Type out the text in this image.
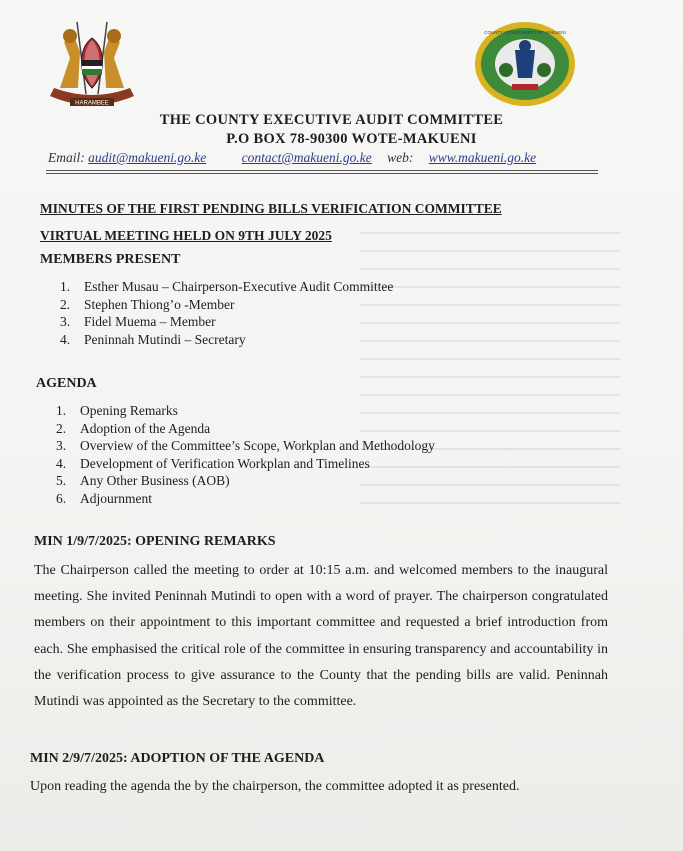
HARAMBEE
COUNTY GOVERNMENT OF MAKUENI
THE COUNTY EXECUTIVE AUDIT COMMITTEE
P.O BOX 78-90300 WOTE-MAKUENI
Email: audit@makueni.go.ke	contact@makueni.go.ke web: www.makueni.go.ke
MINUTES OF THE FIRST PENDING BILLS VERIFICATION COMMITTEE
VIRTUAL MEETING HELD ON 9TH JULY 2025
MEMBERS PRESENT
1. Esther Musau – Chairperson-Executive Audit Committee
2. Stephen Thiong’o -Member
3. Fidel Muema – Member
4. Peninnah Mutindi – Secretary
AGENDA
1. Opening Remarks
2. Adoption of the Agenda
3. Overview of the Committee’s Scope, Workplan and Methodology
4. Development of Verification Workplan and Timelines
5. Any Other Business (AOB)
6. Adjournment
MIN 1/9/7/2025: OPENING REMARKS
The Chairperson called the meeting to order at 10:15 a.m. and welcomed members to the inaugural meeting. She invited Peninnah Mutindi to open with a word of prayer. The chairperson congratulated members on their appointment to this important committee and requested a brief introduction from each. She emphasised the critical role of the committee in ensuring transparency and accountability in the verification process to give assurance to the County that the pending bills are valid. Peninnah Mutindi was appointed as the Secretary to the committee.
MIN 2/9/7/2025: ADOPTION OF THE AGENDA
Upon reading the agenda the by the chairperson, the committee adopted it as presented.
